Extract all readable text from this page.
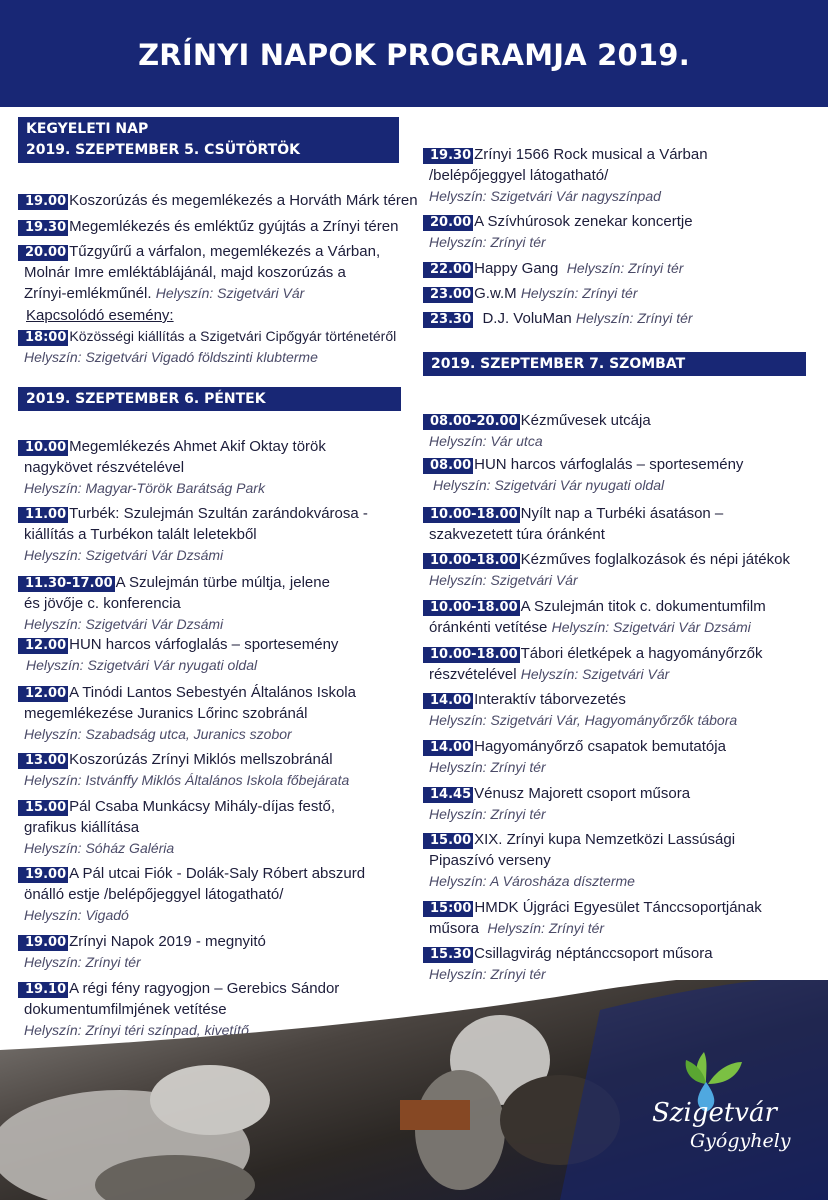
ZRÍNYI NAPOK PROGRAMJA 2019.
KEGYELETI NAP
2019. SZEPTEMBER 5. CSÜTÖRTÖK
19.00 Koszorúzás és megemlékezés a Horváth Márk téren
19.30 Megemlékezés és emléktűz gyújtás a Zrínyi téren
20.00 Tűzgyűrű a várfalon, megemlékezés a Várban,
Molnár Imre emléktáblájánál, majd koszorúzás a
Zrínyi-emlékműnél. Helyszín: Szigetvári Vár
Kapcsolódó esemény:
18:00 Közösségi kiállítás a Szigetvári Cipőgyár történetéről
Helyszín: Szigetvári Vigadó földszinti klubterme
2019. SZEPTEMBER 6. PÉNTEK
10.00 Megemlékezés Ahmet Akif Oktay török
nagykövet részvételével
Helyszín: Magyar-Török Barátság Park
11.00 Turbék: Szulejmán Szultán zarándokvárosa -
kiállítás a Turbékon talált leletekből
Helyszín: Szigetvári Vár Dzsámi
11.30-17.00 A Szulejmán türbe múltja, jelene
és jövője c. konferencia
Helyszín: Szigetvári Vár Dzsámi
12.00 HUN harcos várfoglalás – sportesemény
Helyszín: Szigetvári Vár nyugati oldal
12.00 A Tinódi Lantos Sebestyén Általános Iskola
megemlékezése Juranics Lőrinc szobránál
Helyszín: Szabadság utca, Juranics szobor
13.00 Koszorúzás Zrínyi Miklós mellszobránál
Helyszín: Istvánffy Miklós Általános Iskola főbejárata
15.00 Pál Csaba Munkácsy Mihály-díjas festő,
grafikus kiállítása
Helyszín: Sóház Galéria
19.00 A Pál utcai Fiók - Dolák-Saly Róbert abszurd
önálló estje /belépőjeggyel látogatható/
Helyszín: Vigadó
19.00 Zrínyi Napok 2019 - megnyitó
Helyszín: Zrínyi tér
19.10 A régi fény ragyogjon – Gerebics Sándor
dokumentumfilmjének vetítése
Helyszín: Zrínyi téri színpad, kivetítő
19.30 Zrínyi 1566 Rock musical a Várban
/belépőjeggyel látogatható/
Helyszín: Szigetvári Vár nagyszínpad
20.00 A Szívhúrosok zenekar koncertje
Helyszín: Zrínyi tér
22.00 Happy Gang Helyszín: Zrínyi tér
23.00 G.w.M Helyszín: Zrínyi tér
23.30 D.J. VoluMan Helyszín: Zrínyi tér
2019. SZEPTEMBER 7. SZOMBAT
08.00-20.00 Kézművesek utcája
Helyszín: Vár utca
08.00 HUN harcos várfoglalás – sportesemény
Helyszín: Szigetvári Vár nyugati oldal
10.00-18.00 Nyílt nap a Turbéki ásatáson –
szakvezetett túra óránként
10.00-18.00 Kézműves foglalkozások és népi játékok
Helyszín: Szigetvári Vár
10.00-18.00 A Szulejmán titok c. dokumentumfilm
óránkénti vetítése Helyszín: Szigetvári Vár Dzsámi
10.00-18.00 Tábori életképek a hagyományőrzők
részvételével Helyszín: Szigetvári Vár
14.00 Interaktív táborvezetés
Helyszín: Szigetvári Vár, Hagyományőrzők tábora
14.00 Hagyományőrző csapatok bemutatója
Helyszín: Zrínyi tér
14.45 Vénusz Majorett csoport műsora
Helyszín: Zrínyi tér
15.00 XIX. Zrínyi kupa Nemzetközi Lassúsági
Pipaszívó verseny
Helyszín: A Városháza díszterme
15:00 HMDK Újgráci Egyesület Tánccsoportjának
műsora Helyszín: Zrínyi tér
15.30 Csillagvirág néptánccsoport műsora
Helyszín: Zrínyi tér
Szigetvár
Gyógyhely
